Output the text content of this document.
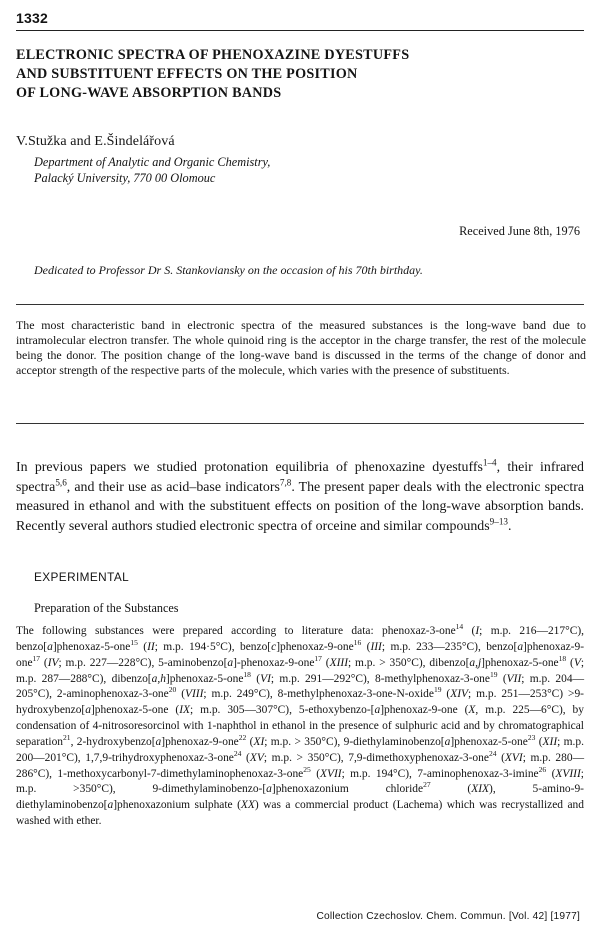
1332
ELECTRONIC SPECTRA OF PHENOXAZINE DYESTUFFS
AND SUBSTITUENT EFFECTS ON THE POSITION
OF LONG-WAVE ABSORPTION BANDS
V.Stužka and E.Šindelářová
Department of Analytic and Organic Chemistry,
Palacký University, 770 00 Olomouc
Received June 8th, 1976
Dedicated to Professor Dr S. Stankoviansky on the occasion of his 70th birthday.

The most characteristic band in electronic spectra of the measured substances is the long-wave band due to intramolecular electron transfer. The whole quinoid ring is the acceptor in the charge transfer, the rest of the molecule being the donor. The position change of the long-wave band is discussed in the terms of the change of donor and acceptor strength of the respective parts of the molecule, which varies with the presence of substituents.

In previous papers we studied protonation equilibria of phenoxazine dyestuffs$^{1-4}$, their infrared spectra$^{5,6}$, and their use as acid–base indicators$^{7,8}$. The present paper deals with the electronic spectra measured in ethanol and with the substituent effects on position of the long-wave absorption bands. Recently several authors studied electronic spectra of orceine and similar compounds$^{9-13}$.

EXPERIMENTAL
Preparation of the Substances

The following substances were prepared according to literature data: phenoxaz-3-one$^{14}$ (I; m.p. 216—217°C), benzo[a]phenoxaz-5-one$^{15}$ (II; m.p. 194·5°C), benzo[c]phenoxaz-9-one$^{16}$ (III; m.p. 233—235°C), benzo[a]phenoxaz-9-one$^{17}$ (IV; m.p. 227—228°C), 5-aminobenzo[a]-phenoxaz-9-one$^{17}$ (XIII; m.p. > 350°C), dibenzo[a,j]phenoxaz-5-one$^{18}$ (V; m.p. 287—288°C), dibenzo[a,h]phenoxaz-5-one$^{18}$ (VI; m.p. 291—292°C), 8-methylphenoxaz-3-one$^{19}$ (VII; m.p. 204—205°C), 2-aminophenoxaz-3-one$^{20}$ (VIII; m.p. 249°C), 8-methylphenoxaz-3-one-N-oxide$^{19}$ (XIV; m.p. 251—253°C) >9-hydroxybenzo[a]phenoxaz-5-one (IX; m.p. 305—307°C), 5-ethoxybenzo-[a]phenoxaz-9-one (X, m.p. 225—6°C), by condensation of 4-nitrosoresorcinol with 1-naphthol in ethanol in the presence of sulphuric acid and by chromatographical separation$^{21}$, 2-hydroxybenzo[a]phenoxaz-9-one$^{22}$ (XI; m.p. > 350°C), 9-diethylaminobenzo[a]phenoxaz-5-one$^{23}$ (XII; m.p. 200—201°C), 1,7,9-trihydroxyphenoxaz-3-one$^{24}$ (XV; m.p. > 350°C), 7,9-dimethoxyphenoxaz-3-one$^{24}$ (XVI; m.p. 280—286°C), 1-methoxycarbonyl-7-dimethylaminophenoxaz-3-one$^{25}$ (XVII; m.p. 194°C), 7-aminophenoxaz-3-imine$^{26}$ (XVIII; m.p. >350°C), 9-dimethylaminobenzo-[a]phenoxazonium chloride$^{27}$ (XIX), 5-amino-9-diethylaminobenzo[a]phenoxazonium sulphate (XX) was a commercial product (Lachema) which was recrystallized and washed with ether.

Collection Czechoslov. Chem. Commun. [Vol. 42] [1977]
